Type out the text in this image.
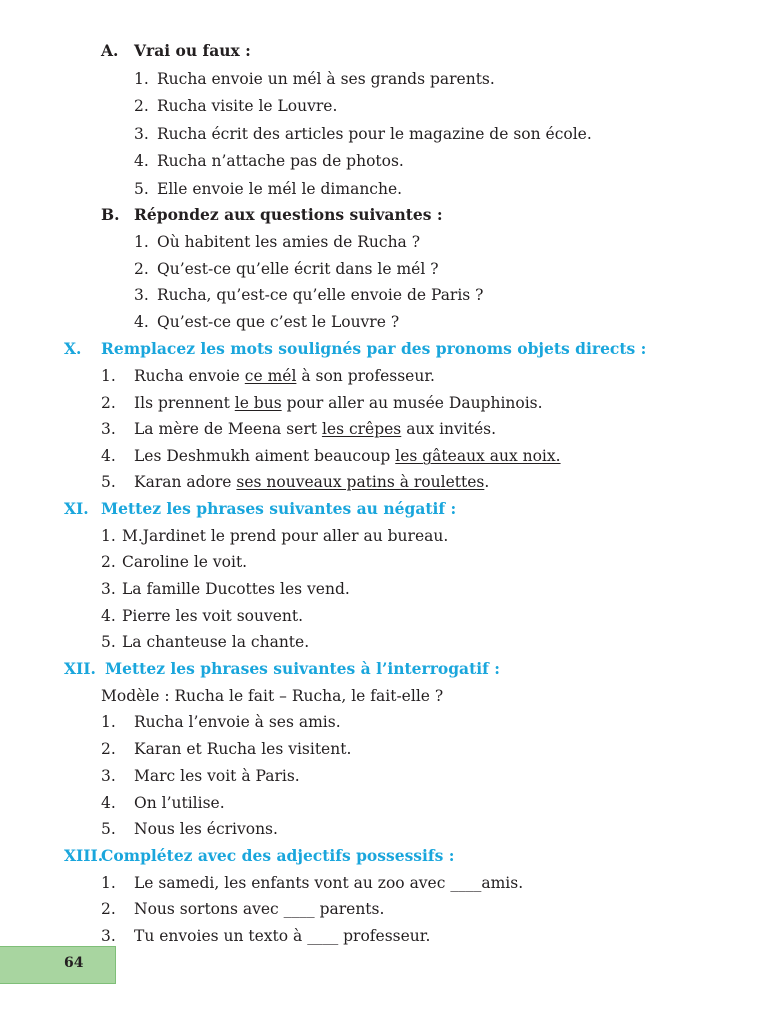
A. Vrai ou faux :
1. Rucha envoie un mél à ses grands parents.
2. Rucha visite le Louvre.
3. Rucha écrit des articles pour le magazine de son école.
4. Rucha n’attache pas de photos.
5. Elle envoie le mél le dimanche.
B. Répondez aux questions suivantes :
1. Où habitent les amies de Rucha ?
2. Qu’est-ce qu’elle écrit dans le mél ?
3. Rucha, qu’est-ce qu’elle envoie de Paris ?
4. Qu’est-ce que c’est le Louvre ?
X. Remplacez les mots soulignés par des pronoms objets directs :
1. Rucha envoie ce mél à son professeur.
2. Ils prennent le bus pour aller au musée Dauphinois.
3. La mère de Meena sert les crêpes aux invités.
4. Les Deshmukh aiment beaucoup les gâteaux aux noix.
5. Karan adore ses nouveaux patins à roulettes.
XI. Mettez les phrases suivantes au négatif :
1. M.Jardinet le prend pour aller au bureau.
2. Caroline le voit.
3. La famille Ducottes les vend.
4. Pierre les voit souvent.
5. La chanteuse la chante.
XII. Mettez les phrases suivantes à l’interrogatif :
Modèle : Rucha le fait – Rucha, le fait-elle ?
1. Rucha l’envoie à ses amis.
2. Karan et Rucha les visitent.
3. Marc les voit à Paris.
4. On l’utilise.
5. Nous les écrivons.
XIII.Complétez avec des adjectifs possessifs :
1. Le samedi, les enfants vont au zoo avec ____amis.
2. Nous sortons avec ____ parents.
3. Tu envoies un texto à ____ professeur.
64
